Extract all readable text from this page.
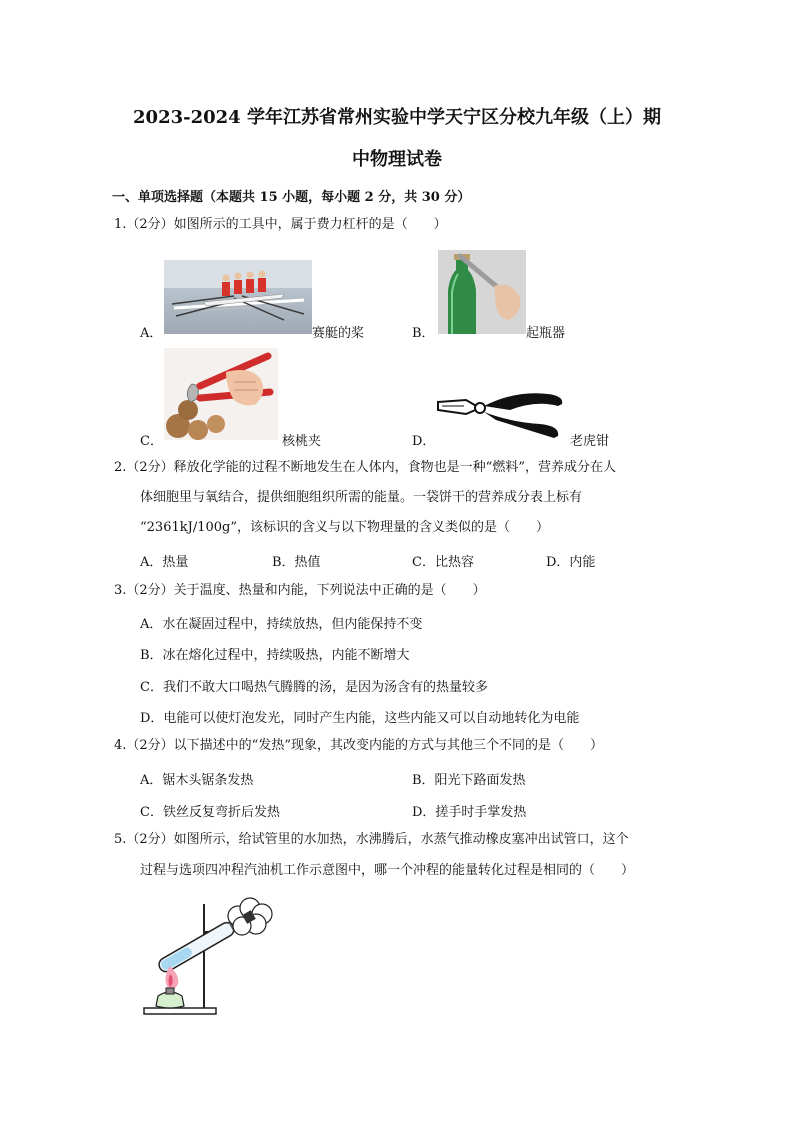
2023-2024 学年江苏省常州实验中学天宁区分校九年级（上）期
中物理试卷
一、单项选择题（本题共 15 小题，每小题 2 分，共 30 分）
1.（2分）如图所示的工具中，属于费力杠杆的是（　　）
A．	赛艇的桨	B．	起瓶器
C．	核桃夹	D．	老虎钳
2.（2分）释放化学能的过程不断地发生在人体内，食物也是一种“燃料”，营养成分在人
体细胞里与氧结合，提供细胞组织所需的能量。一袋饼干的营养成分表上标有
“2361kJ/100g”，该标识的含义与以下物理量的含义类似的是（　　）
A．热量	B．热值	C．比热容	D．内能
3.（2分）关于温度、热量和内能，下列说法中正确的是（　　）
A．水在凝固过程中，持续放热，但内能保持不变
B．冰在熔化过程中，持续吸热，内能不断增大
C．我们不敢大口喝热气腾腾的汤，是因为汤含有的热量较多
D．电能可以使灯泡发光，同时产生内能，这些内能又可以自动地转化为电能
4.（2分）以下描述中的“发热”现象，其改变内能的方式与其他三个不同的是（　　）
A．锯木头锯条发热	B．阳光下路面发热
C．铁丝反复弯折后发热	D．搓手时手掌发热
5.（2分）如图所示，给试管里的水加热，水沸腾后，水蒸气推动橡皮塞冲出试管口，这个
过程与选项四冲程汽油机工作示意图中，哪一个冲程的能量转化过程是相同的（　　）
